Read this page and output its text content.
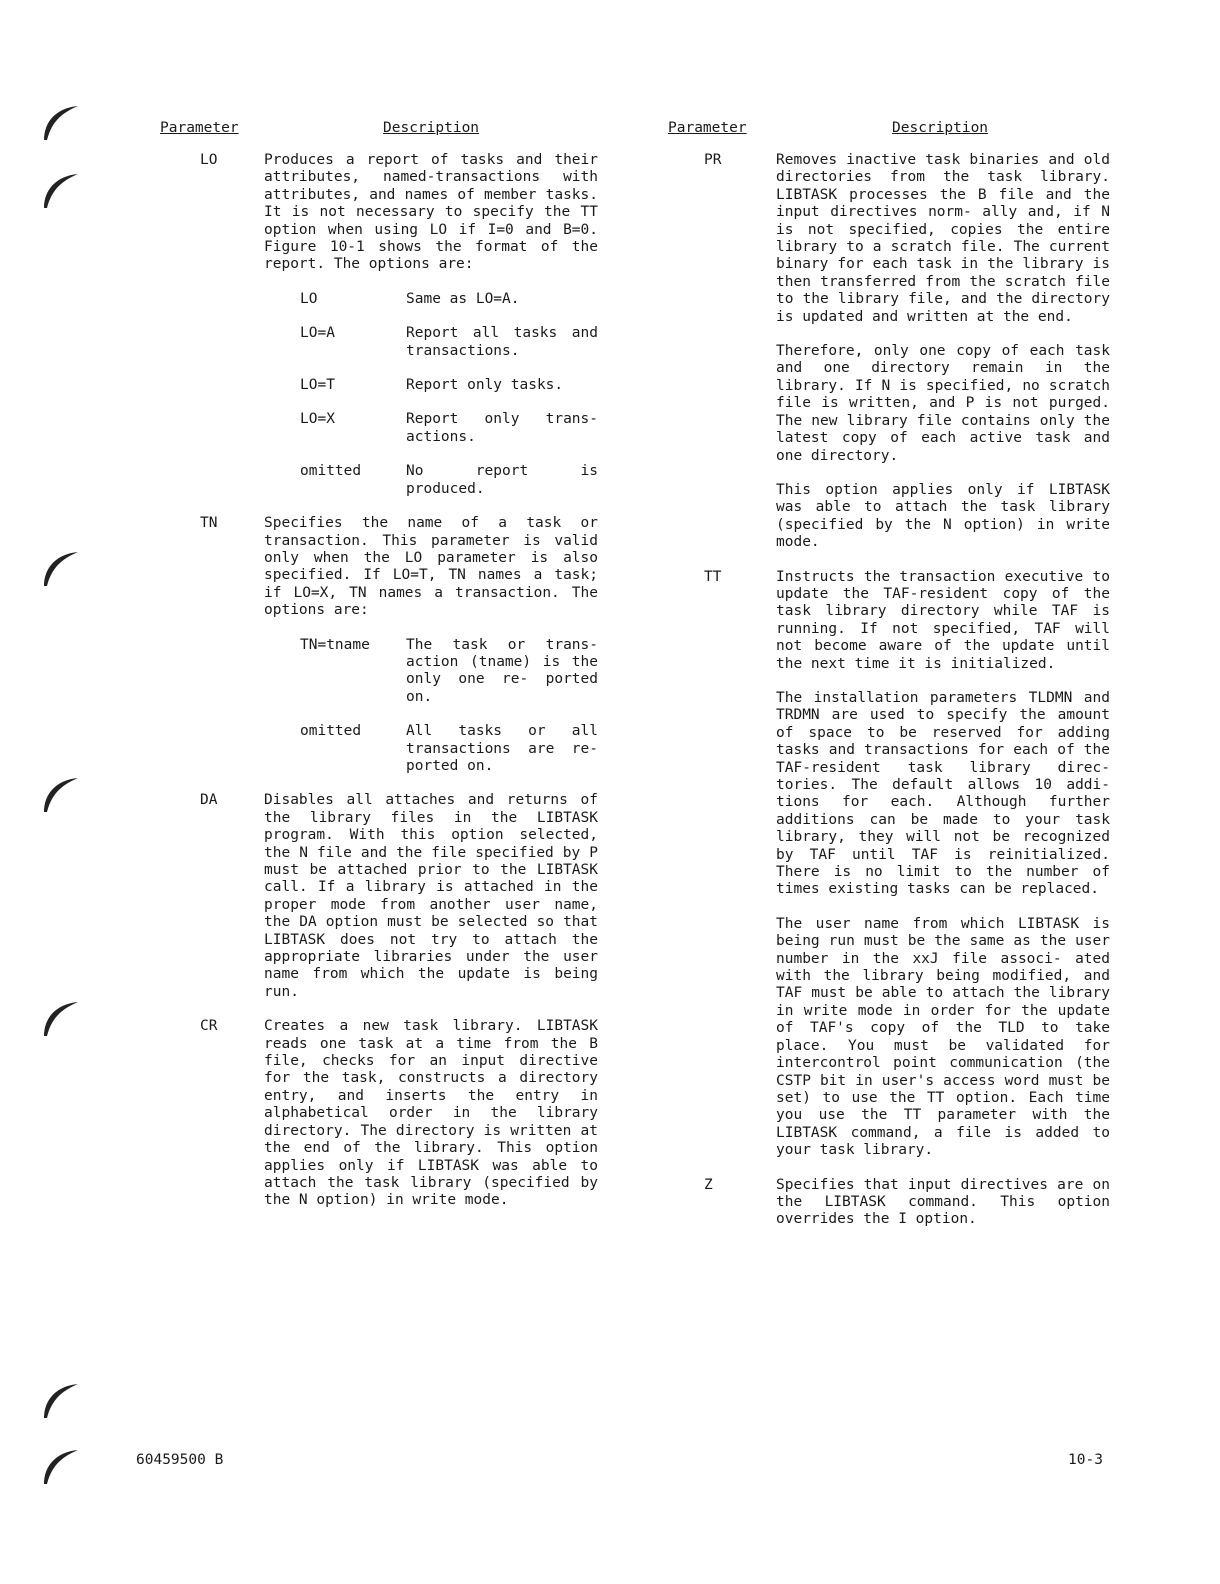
Parameter	Description
LO	Produces a report of tasks and their attributes, named-transactions with attributes, and names of member tasks. It is not necessary to specify the TT option when using LO if I=0 and B=0. Figure 10-1 shows the format of the report. The options are:

LO	Same as LO=A.
LO=A	Report all tasks and transactions.
LO=T	Report only tasks.
LO=X	Report only trans- actions.
omitted	No report is produced.
TN	Specifies the name of a task or transaction. This parameter is valid only when the LO parameter is also specified. If LO=T, TN names a task; if LO=X, TN names a transaction. The options are:

TN=tname The task or trans- action (tname) is the only one re- ported on.
omitted	All tasks or all transactions are re- ported on.
DA	Disables all attaches and returns of the library files in the LIBTASK program. With this option selected, the N file and the file specified by P must be attached prior to the LIBTASK call. If a library is attached in the proper mode from another user name, the DA option must be selected so that LIBTASK does not try to attach the appropriate libraries under the user name from which the update is being run.

CR	Creates a new task library. LIBTASK reads one task at a time from the B file, checks for an input directive for the task, constructs a directory entry, and inserts the entry in alphabetical order in the library directory. The directory is written at the end of the library. This option applies only if LIBTASK was able to attach the task library (specified by the N option) in write mode.

Parameter	Description
PR	Removes inactive task binaries and old directories from the task library. LIBTASK processes the B file and the input directives norm- ally and, if N is not specified, copies the entire library to a scratch file. The current binary for each task in the library is then transferred from the scratch file to the library file, and the directory is updated and written at the end.

Therefore, only one copy of each task and one directory remain in the library. If N is specified, no scratch file is written, and P is not purged. The new library file contains only the latest copy of each active task and one directory.

This option applies only if LIBTASK was able to attach the task library (specified by the N option) in write mode.

TT	Instructs the transaction executive to update the TAF-resident copy of the task library directory while TAF is running. If not specified, TAF will not become aware of the update until the next time it is initialized.

The installation parameters TLDMN and TRDMN are used to specify the amount of space to be reserved for adding tasks and transactions for each of the TAF-resident task library direc- tories. The default allows 10 addi- tions for each. Although further additions can be made to your task library, they will not be recognized by TAF until TAF is reinitialized. There is no limit to the number of times existing tasks can be replaced.

The user name from which LIBTASK is being run must be the same as the user number in the xxJ file associ- ated with the library being modified, and TAF must be able to attach the library in write mode in order for the update of TAF's copy of the TLD to take place. You must be validated for intercontrol point communication (the CSTP bit in user's access word must be set) to use the TT option. Each time you use the TT parameter with the LIBTASK command, a file is added to your task library.

Z	Specifies that input directives are on the LIBTASK command. This option overrides the I option.

60459500 B	10-3
